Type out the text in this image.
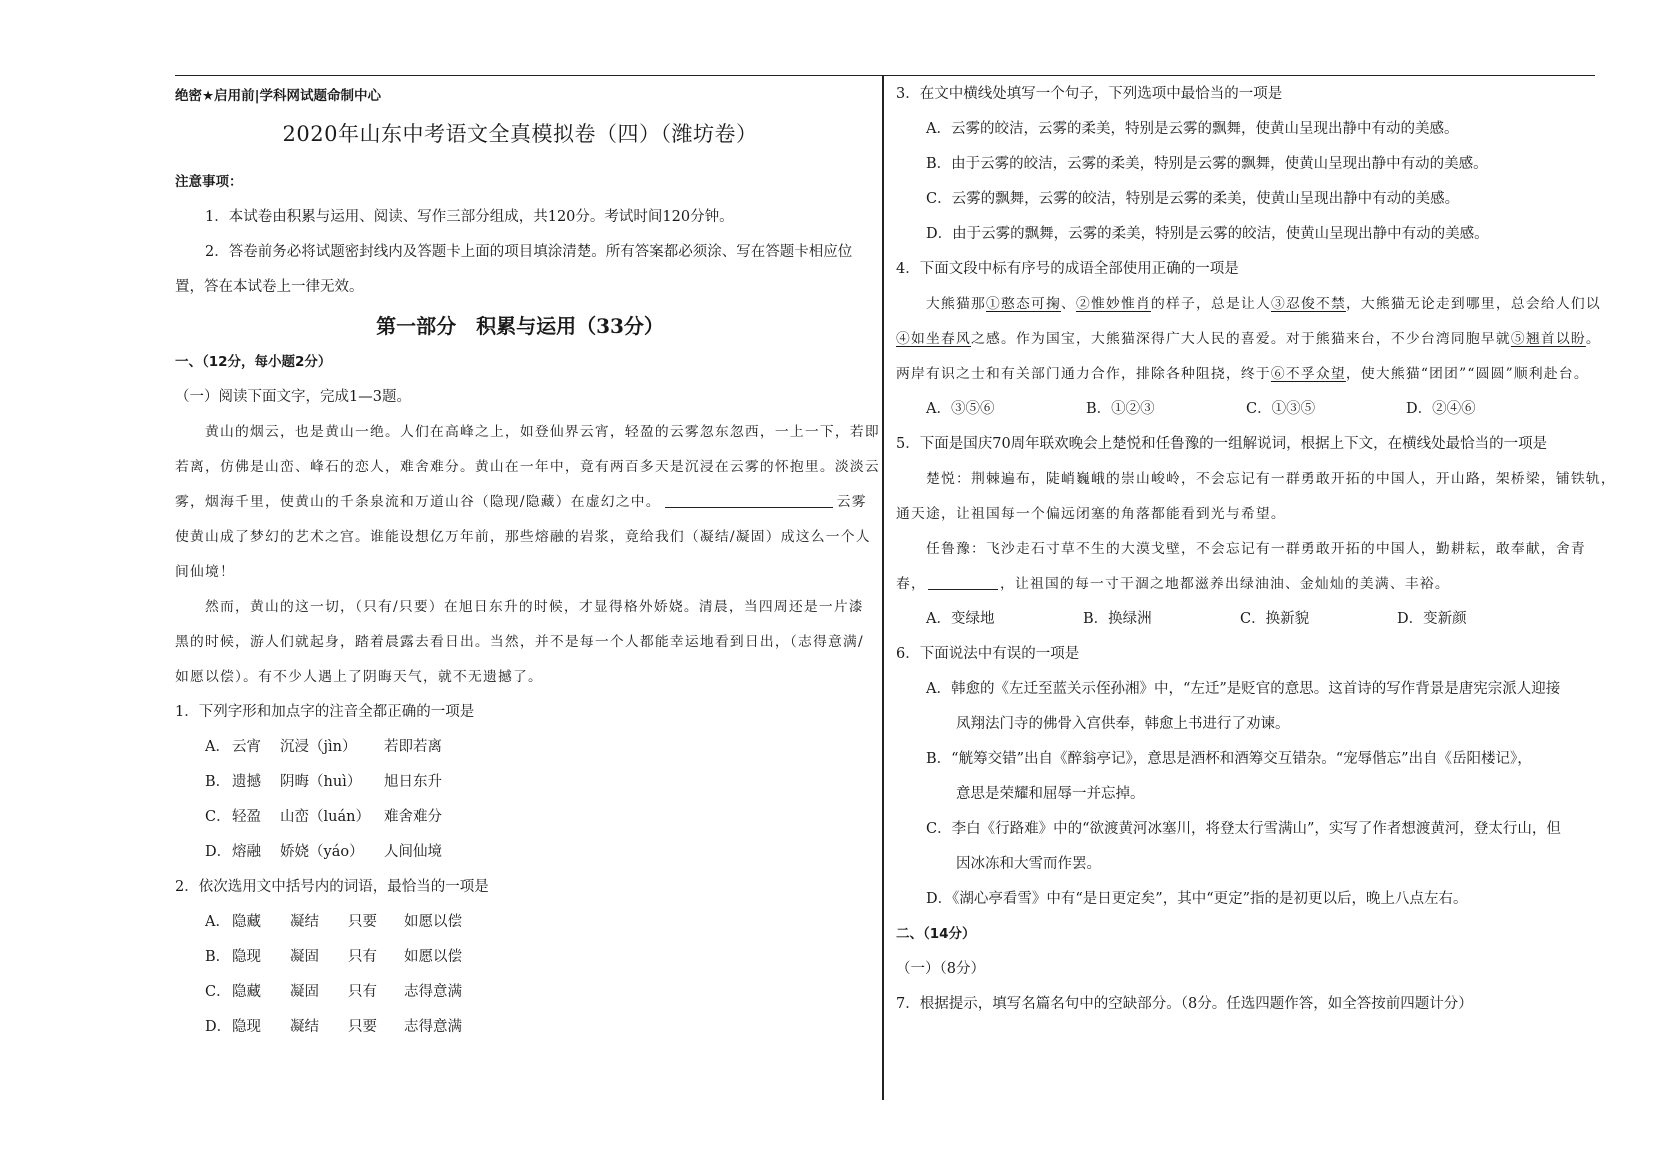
绝密★启用前|学科网试题命制中心
2020年山东中考语文全真模拟卷（四）（潍坊卷）
注意事项：
1．本试卷由积累与运用、阅读、写作三部分组成，共120分。考试时间120分钟。
2．答卷前务必将试题密封线内及答题卡上面的项目填涂清楚。所有答案都必须涂、写在答题卡相应位
置，答在本试卷上一律无效。
第一部分　积累与运用（33分）
一、（12分，每小题2分）
（一）阅读下面文字，完成1—3题。
黄山的烟云，也是黄山一绝。人们在高峰之上，如登仙界云宵，轻盈的云雾忽东忽西，一上一下，若即
若离，仿佛是山峦、峰石的恋人，难舍难分。黄山在一年中，竟有两百多天是沉浸在云雾的怀抱里。淡淡云
雾，烟海千里，使黄山的千条泉流和万道山谷（隐现/隐藏）在虚幻之中。	云雾
使黄山成了梦幻的艺术之宫。谁能设想亿万年前，那些熔融的岩浆，竟给我们（凝结/凝固）成这么一个人
间仙境！
然而，黄山的这一切，（只有/只要）在旭日东升的时候，才显得格外娇娆。清晨，当四周还是一片漆
黑的时候，游人们就起身，踏着晨露去看日出。当然，并不是每一个人都能幸运地看到日出，（志得意满/
如愿以偿）。有不少人遇上了阴晦天气，就不无遗撼了。
1．下列字形和加点字的注音全都正确的一项是
A． 云宵 沉浸（jìn） 若即若离
B． 遗撼 阴晦（huì） 旭日东升
C．轻盈 山峦（luán） 难舍难分
D．熔融 娇娆（yáo） 人间仙境
2．依次选用文中括号内的词语，最恰当的一项是
A． 隐藏 凝结 只要 如愿以偿
B． 隐现 凝固 只有 如愿以偿
C．隐藏 凝固 只有 志得意满
D．隐现 凝结 只要 志得意满
3．在文中横线处填写一个句子，下列选项中最恰当的一项是
A．云雾的皎洁，云雾的柔美，特别是云雾的飘舞，使黄山呈现出静中有动的美感。
B．由于云雾的皎洁，云雾的柔美，特别是云雾的飘舞，使黄山呈现出静中有动的美感。
C．云雾的飘舞，云雾的皎洁，特别是云雾的柔美，使黄山呈现出静中有动的美感。
D．由于云雾的飘舞，云雾的柔美，特别是云雾的皎洁，使黄山呈现出静中有动的美感。
4．下面文段中标有序号的成语全部使用正确的一项是
大熊猫那①憨态可掬、②惟妙惟肖的样子，总是让人③忍俊不禁，大熊猫无论走到哪里，总会给人们以
④如坐春风之感。作为国宝，大熊猫深得广大人民的喜爱。对于熊猫来台，不少台湾同胞早就⑤翘首以盼。
两岸有识之士和有关部门通力合作，排除各种阻挠，终于⑥不孚众望，使大熊猫“团团”“圆圆”顺利赴台。
A．③⑤⑥	B．①②③	C．①③⑤	D．②④⑥
5．下面是国庆70周年联欢晚会上楚悦和任鲁豫的一组解说词，根据上下文，在横线处最恰当的一项是
楚悦：荆棘遍布，陡峭巍峨的崇山峻岭，不会忘记有一群勇敢开拓的中国人，开山路，架桥梁，铺铁轨，
通天途，让祖国每一个偏远闭塞的角落都能看到光与希望。
任鲁豫：飞沙走石寸草不生的大漠戈壁，不会忘记有一群勇敢开拓的中国人，勤耕耘，敢奉献，舍青
春，	，让祖国的每一寸干涸之地都滋养出绿油油、金灿灿的美满、丰裕。
A．变绿地	B．换绿洲	C．换新貌	D．变新颜
6．下面说法中有误的一项是
A．韩愈的《左迁至蓝关示侄孙湘》中，“左迁”是贬官的意思。这首诗的写作背景是唐宪宗派人迎接
凤翔法门寺的佛骨入宫供奉，韩愈上书进行了劝谏。
B．“觥筹交错”出自《醉翁亭记》，意思是酒杯和酒筹交互错杂。“宠辱偕忘”出自《岳阳楼记》，
意思是荣耀和屈辱一并忘掉。
C．李白《行路难》中的“欲渡黄河冰塞川，将登太行雪满山”，实写了作者想渡黄河，登太行山，但
因冰冻和大雪而作罢。
D．《湖心亭看雪》中有“是日更定矣”，其中“更定”指的是初更以后，晚上八点左右。
二、（14分）
（一）（8分）
7．根据提示，填写名篇名句中的空缺部分。（8分。任选四题作答，如全答按前四题计分）
